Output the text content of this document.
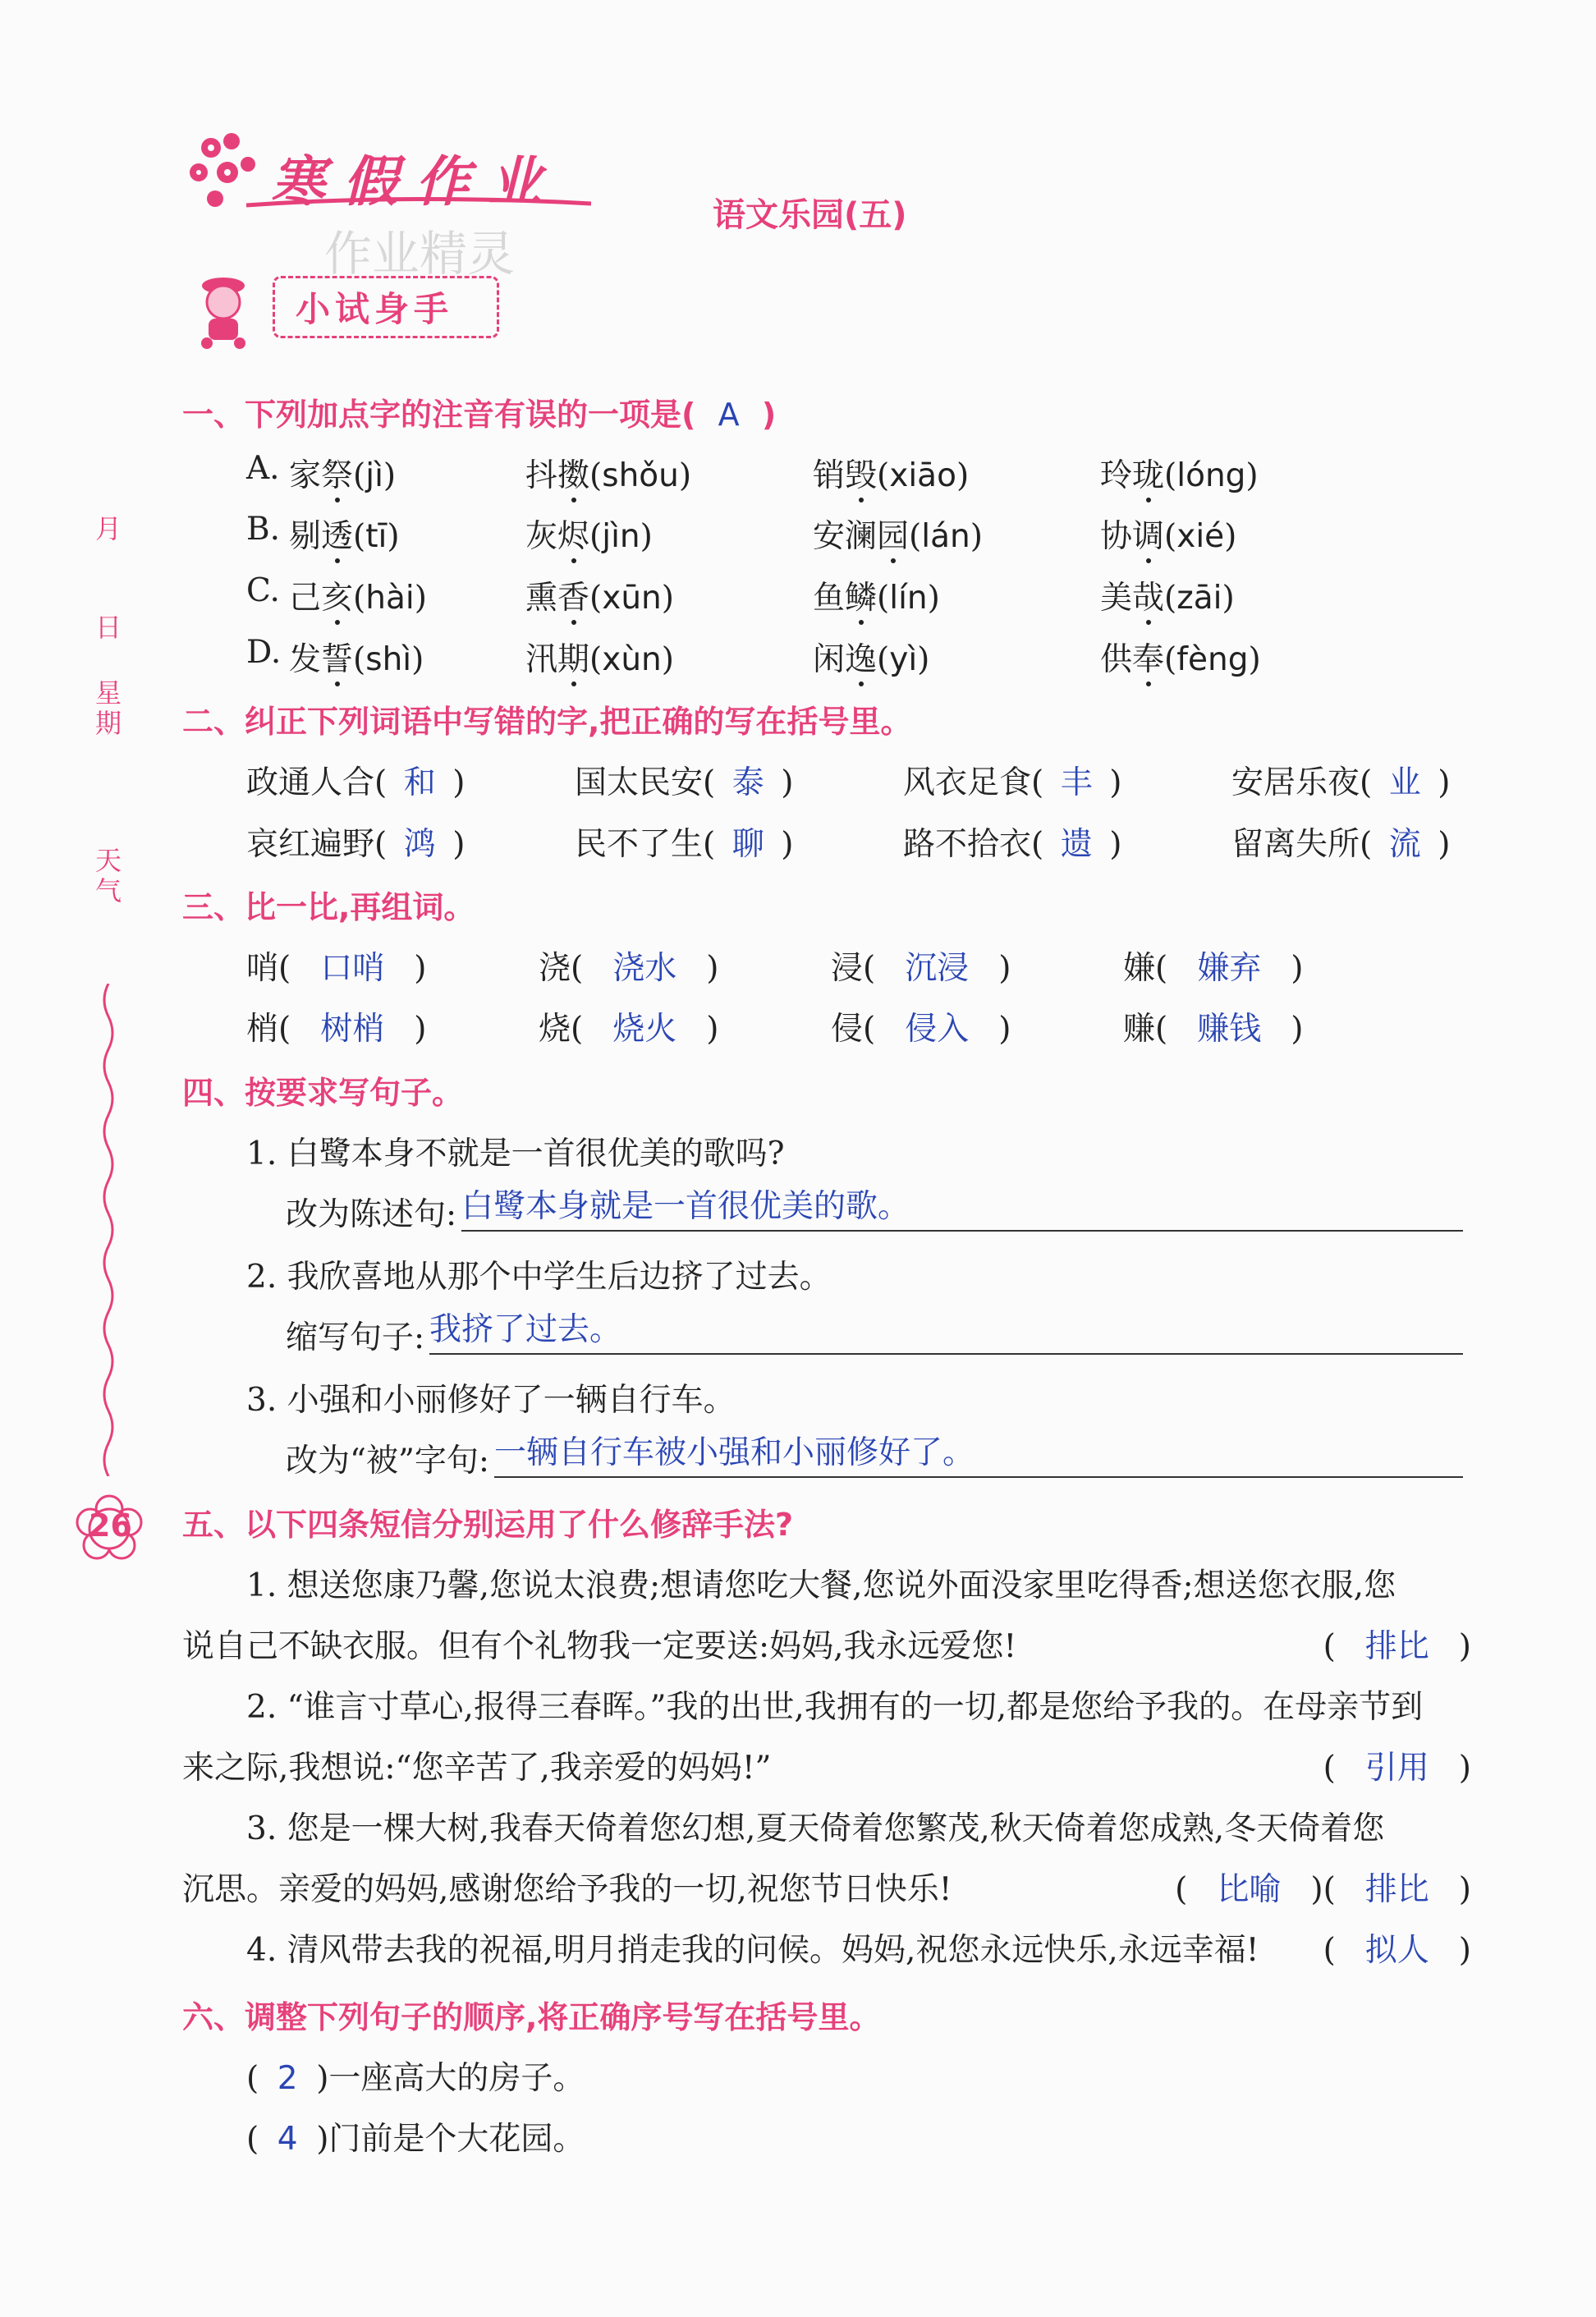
寒假作业
语文乐园(五)
作业精灵
小试身手
月
日
星期
天气
26
一、下列加点字的注音有误的一项是( A )
A. 家祭(jì)	抖擞(shǒu)	销毁(xiāo)	玲珑(lóng)
B. 剔透(tī)	灰烬(jìn)	安澜园(lán)	协调(xié)
C. 己亥(hài)	熏香(xūn)	鱼鳞(lín)	美哉(zāi)
D. 发誓(shì)	汛期(xùn)	闲逸(yì)	供奉(fèng)
二、纠正下列词语中写错的字,把正确的写在括号里。
政通人合( 和 )	国太民安( 泰 )	风衣足食( 丰 )	安居乐夜( 业 )
哀红遍野( 鸿 )	民不了生( 聊 )	路不拾衣( 遗 )	留离失所( 流 )
三、比一比,再组词。
哨( 口哨 )	浇( 浇水 )	浸( 沉浸 )	嫌( 嫌弃 )
梢( 树梢 )	烧( 烧火 )	侵( 侵入 )	赚( 赚钱 )
四、按要求写句子。
1. 白鹭本身不就是一首很优美的歌吗?
改为陈述句: 白鹭本身就是一首很优美的歌。
2. 我欣喜地从那个中学生后边挤了过去。
缩写句子: 我挤了过去。
3. 小强和小丽修好了一辆自行车。
改为“被”字句: 一辆自行车被小强和小丽修好了。
五、以下四条短信分别运用了什么修辞手法?
1. 想送您康乃馨,您说太浪费;想请您吃大餐,您说外面没家里吃得香;想送您衣服,您
说自己不缺衣服。但有个礼物我一定要送:妈妈,我永远爱您!	( 排比 )
2. “谁言寸草心,报得三春晖。”我的出世,我拥有的一切,都是您给予我的。在母亲节到
来之际,我想说:“您辛苦了,我亲爱的妈妈!”	( 引用 )
3. 您是一棵大树,我春天倚着您幻想,夏天倚着您繁茂,秋天倚着您成熟,冬天倚着您
沉思。亲爱的妈妈,感谢您给予我的一切,祝您节日快乐!	( 比喻 )( 排比 )
4. 清风带去我的祝福,明月捎走我的问候。妈妈,祝您永远快乐,永远幸福! ( 拟人 )
六、调整下列句子的顺序,将正确序号写在括号里。
( 2 )一座高大的房子。
( 4 )门前是个大花园。
